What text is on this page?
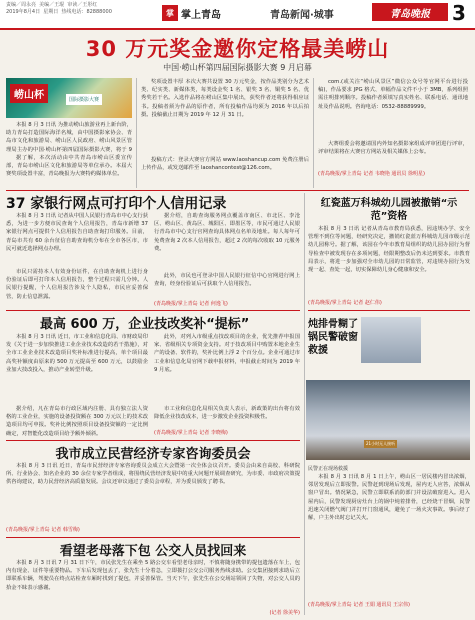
责编／周永亮  美编／王琨  审读／王彤红
2019年8月4日  星期日  热线电话：82888000	掌 掌上青岛	青岛新闻·城事	青岛晚报	3
30 万元奖金邀你定格最美崂山
中国·崂山杯第四届国际摄影大赛 9 月启幕
崂山杯	国际摄影大赛
本报 8 月 3 日讯 为推动崂山旅游业再上新台阶，助力青岛打造国际海洋名城，由中国摄影家协会、青岛市文化和旅游局、崂山区人民政府、崂山风景区管理局主办的中国·崂山杯第四届国际摄影大赛，将于 9
据了解，本次活动由中共青岛市崂山区委宣传部，青岛市崂山区文化和旅游局等单位承办。本届大赛奖项设置丰富，青岛晚报为大赛特约媒体单位。
奖项设置丰厚 本次大赛共设置 30 万元奖金，按作品类别分为艺术类、纪实类、新媒体类，每类设金奖 1 名、银奖 3 名、铜奖 5 名、优秀奖若干名。入选作品将在崂山区集中展出，获奖作者还将获得相应证书。投稿者须为作品的原作者，所有投稿作品均须为 2016 年以后拍摄。投稿截止日期为 2019 年 12 月 31 日。
投稿方式：登录大赛官方网站 www.laoshancup.com 免费注册后上传作品，或发送邮件至 laoshancontest@126.com。
com.(或关注“崂山风景区”微信公众号等官网平台进行投稿)，作品要求 JPG 格式、单幅作品文件不小于 3MB，系列组照需注明排列顺序。投稿作者须填写真实姓名、联系电话、通讯地址及作品说明。咨询电话：0532-88889999。
大赛组委会将邀请国内外知名摄影家组成评审团进行评审，评审结果将在大赛官方网站及相关媒体上公布。
(青岛晚报/掌上青岛 记者 韦晓艳 通讯员 徐明星)
37 家银行网点可打印个人信用记录
本报 8 月 3 日讯 记者从中国人民银行青岛市中心支行获悉，为进一步方便市民查询个人信用报告，青岛市新增 37 家银行网点可提供个人信用报告自助查询打印服务。目前，青岛市共有 60 余台征信自助查询机分布在全市各区市，市民可就近选择网点办理。
市民只需持本人有效身份证件，在自助查询机上进行身份验证后即可打印本人信用报告，整个过程只需几分钟。人民银行提醒，个人信用报告涉及个人隐私，市民应妥善保管，防止信息泄露。
据介绍，自助查询服务网点覆盖市南区、市北区、李沧区、崂山区、黄岛区、城阳区、即墨区等，市民可通过人民银行青岛市中心支行官网查询具体网点名单及地址。每人每年可免费查询 2 次本人信用报告，超过 2 次的每次收取 10 元服务费。
此外，市民也可登录中国人民银行征信中心官网进行网上查询，经身份验证后可获取个人信用报告。
(青岛晚报/掌上青岛 记者 何逸飞)
红瓷蓝万科城幼儿园被撤销“示范”资格
本报 8 月 3 日讯 记者从青岛市教育局获悉，因违规办学、安全管理不到位等问题，经研究决定，撤销红瓷蓝万科城幼儿园市级示范幼儿园称号。据了解，该园在今年市教育局组织的幼儿园办园行为督导检查中被发现存在多项问题，经限期整改后仍未达到要求。市教育局表示，将进一步加强对全市幼儿园的日常监管，对违规办园行为发现一起、查处一起，切实保障幼儿身心健康和安全。
(青岛晚报/掌上青岛 记者 赵仁伟)
最高 600 万，企业技改奖补“提标”
本报 8 月 3 日讯 近日，市工业和信息化局、市财政局印发《关于进一步加快推进工业企业技术改造的若干措施》，对全市工业企业技术改造项目奖补标准进行提高，单个项目最高奖补额度由原来的 500 万元提高至 600 万元，以鼓励企业加大技改投入，推动产业转型升级。
据介绍，凡在青岛市行政区域内注册、具有独立法人资格的工业企业，实施的设备投资额在 300 万元以上的技术改造项目均可申报。奖补比例按照项目设备投资额的一定比例确定，对智能化改造项目给予额外倾斜。
此外，对列入市级重点技改项目的企业，优先推荐申报国家、省级相关专项资金支持。对于技改项目中购置本地企业生产的设备、软件的，奖补比例上浮 2 个百分点。企业可通过市工业和信息化局官网下载申报材料，申报截止时间为 2019 年 9 月底。
市工业和信息化局相关负责人表示，新政策的出台将有效降低企业技改成本，进一步激发企业投资积极性。
(青岛晚报/掌上青岛 记者 李晓梅)
炖排骨糊了锅民警破窗救援
21小时无人接听
民警正在现场救援
本报 8 月 3 日讯 8 月 1 日上午，崂山区一居民楼内冒出浓烟，邻居发现后立即报警。民警赶到现场后发现，屋内无人应答，浓烟从窗户冒出。情况紧急，民警立即联系消防部门并设法破窗进入。进入屋内后，民警发现厨房灶台上的锅中炖着排骨，已经烧干冒烟，民警迅速关闭燃气阀门并打开门窗通风，避免了一场火灾事故。事后经了解，户主外出时忘记关火。
(青岛晚报/掌上青岛 记者 王娟 通讯员 王宗伟)
我市成立民营经济专家咨询委员会
本报 8 月 3 日讯 近日，青岛市民营经济专家咨询委员会成立大会暨第一次全体会议召开。委员会由来自高校、科研院所、行业协会、知名企业的 30 余位专家学者组成，将围绕民营经济发展中的重大问题开展调查研究，为市委、市政府决策提供咨询建议，助力民营经济高质量发展。会议还审议通过了委员会章程，并为委员颁发了聘书。
(青岛晚报/掌上青岛 记者 韩雪梅)
看望老母落下包 公交人员找回来
本报 8 月 3 日讯 7 月 31 日下午，市民张先生在乘坐 5 路公交车看望老母亲时，不慎将随身携带的提包遗落在车上，包内有现金、证件等重要物品。下车后发现包丢了，张先生十分着急，立即拨打公交公司服务热线求助。公交集团接到求助后立即联系车辆，驾驶员在终点站检查车厢时找到了提包，并妥善保管。当天下午，张先生在公交场站领回了失物，对公交人员的拾金不昧表示感谢。
(记者 徐美华)
